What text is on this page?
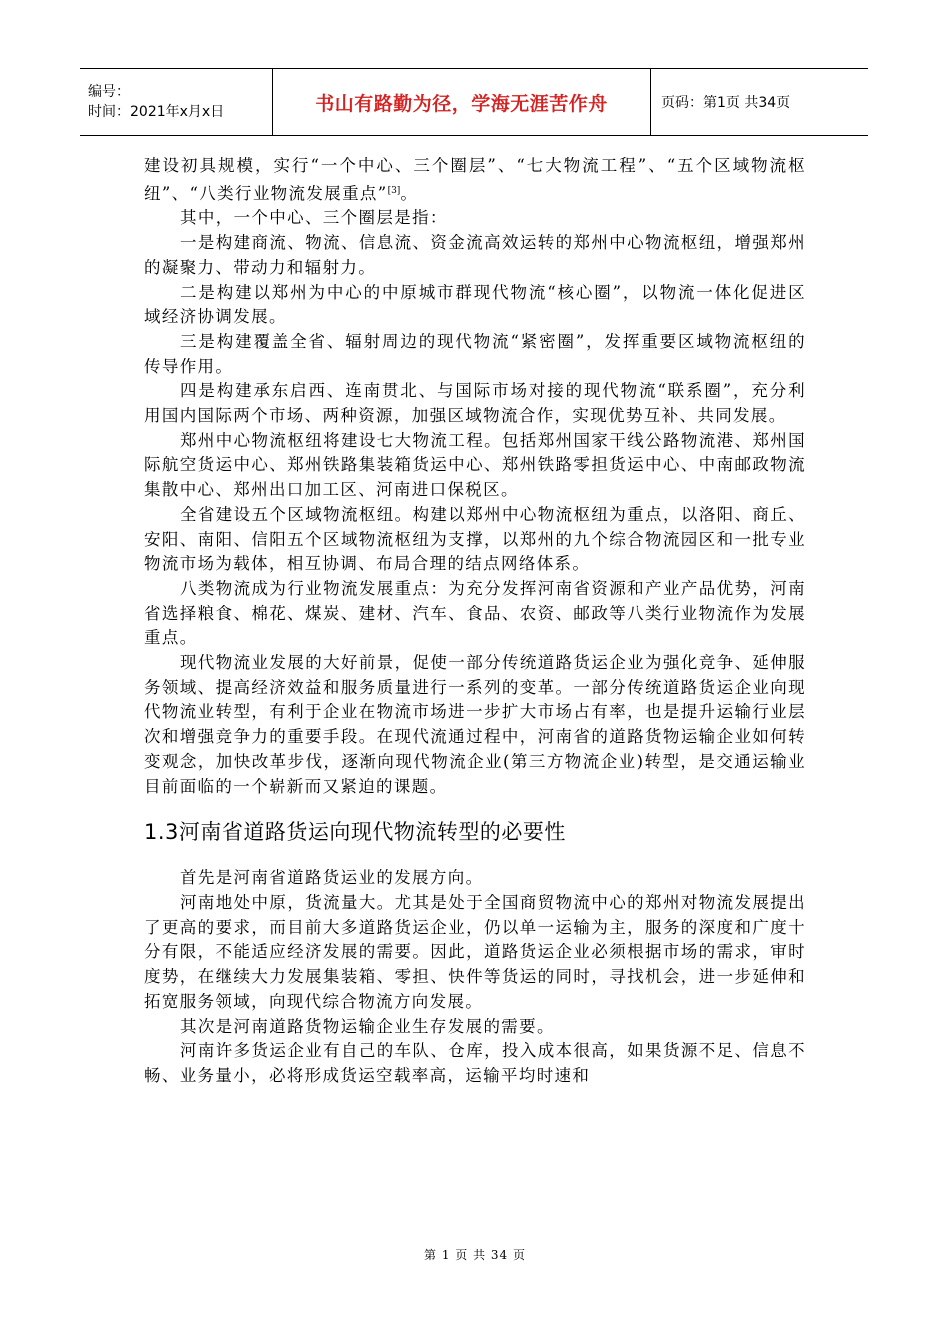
编号：
时间：2021年x月x日	书山有路勤为径，学海无涯苦作舟	页码：第1页 共34页

建设初具规模，实行“一个中心、三个圈层”、“七大物流工程”、“五个区域物流枢纽”、“八类行业物流发展重点”[3]。

其中，一个中心、三个圈层是指：

一是构建商流、物流、信息流、资金流高效运转的郑州中心物流枢纽，增强郑州的凝聚力、带动力和辐射力。

二是构建以郑州为中心的中原城市群现代物流“核心圈”，以物流一体化促进区域经济协调发展。

三是构建覆盖全省、辐射周边的现代物流“紧密圈”，发挥重要区域物流枢纽的传导作用。

四是构建承东启西、连南贯北、与国际市场对接的现代物流“联系圈”，充分利用国内国际两个市场、两种资源，加强区域物流合作，实现优势互补、共同发展。

郑州中心物流枢纽将建设七大物流工程。包括郑州国家干线公路物流港、郑州国际航空货运中心、郑州铁路集装箱货运中心、郑州铁路零担货运中心、中南邮政物流集散中心、郑州出口加工区、河南进口保税区。

全省建设五个区域物流枢纽。构建以郑州中心物流枢纽为重点，以洛阳、商丘、安阳、南阳、信阳五个区域物流枢纽为支撑，以郑州的九个综合物流园区和一批专业物流市场为载体，相互协调、布局合理的结点网络体系。

八类物流成为行业物流发展重点：为充分发挥河南省资源和产业产品优势，河南省选择粮食、棉花、煤炭、建材、汽车、食品、农资、邮政等八类行业物流作为发展重点。

现代物流业发展的大好前景，促使一部分传统道路货运企业为强化竞争、延伸服务领域、提高经济效益和服务质量进行一系列的变革。一部分传统道路货运企业向现代物流业转型，有利于企业在物流市场进一步扩大市场占有率，也是提升运输行业层次和增强竞争力的重要手段。在现代流通过程中，河南省的道路货物运输企业如何转变观念，加快改革步伐，逐渐向现代物流企业(第三方物流企业)转型，是交通运输业目前面临的一个崭新而又紧迫的课题。

1.3河南省道路货运向现代物流转型的必要性

首先是河南省道路货运业的发展方向。

河南地处中原，货流量大。尤其是处于全国商贸物流中心的郑州对物流发展提出了更高的要求，而目前大多道路货运企业，仍以单一运输为主，服务的深度和广度十分有限，不能适应经济发展的需要。因此，道路货运企业必须根据市场的需求，审时度势，在继续大力发展集装箱、零担、快件等货运的同时，寻找机会，进一步延伸和拓宽服务领域，向现代综合物流方向发展。

其次是河南道路货物运输企业生存发展的需要。

河南许多货运企业有自己的车队、仓库，投入成本很高，如果货源不足、信息不畅、业务量小，必将形成货运空载率高，运输平均时速和

第 1 页 共 34 页
